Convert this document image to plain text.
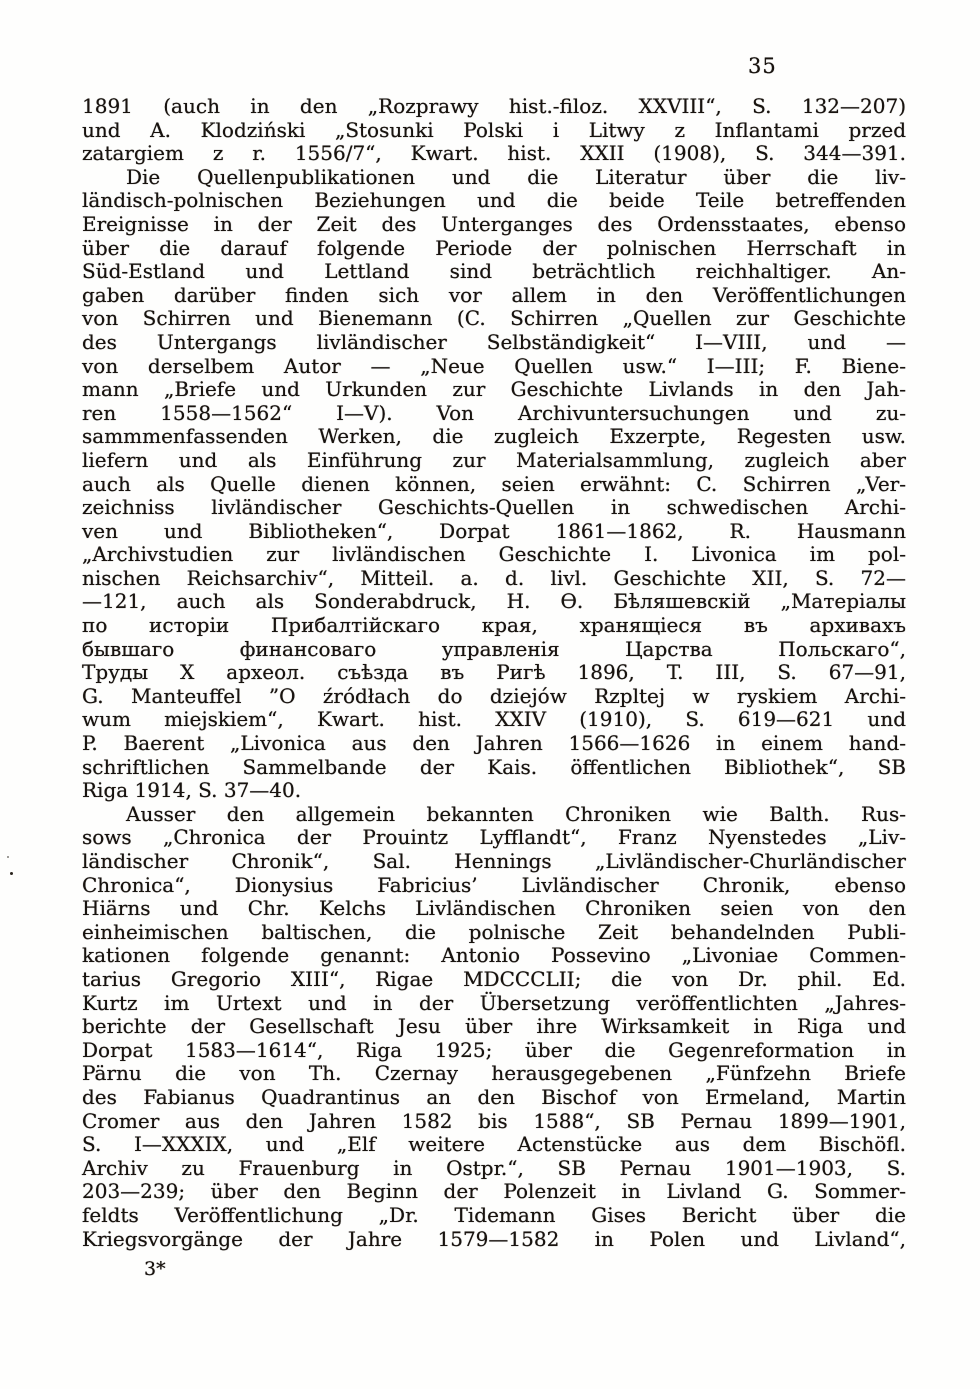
35
1891 (auch in den „Rozprawy hist.-filoz. XXVIII“, S. 132—207)
und A. Klodziński „Stosunki Polski i Litwy z Inflantami przed
zatargiem z r. 1556/7“, Kwart. hist. XXII (1908), S. 344—391.
Die Quellenpublikationen und die Literatur über die liv-
ländisch-polnischen Beziehungen und die beide Teile betreffenden
Ereignisse in der Zeit des Unterganges des Ordensstaates, ebenso
über die darauf folgende Periode der polnischen Herrschaft in
Süd-Estland und Lettland sind beträchtlich reichhaltiger. An-
gaben darüber finden sich vor allem in den Veröffentlichungen
von Schirren und Bienemann (C. Schirren „Quellen zur Geschichte
des Untergangs livländischer Selbständigkeit“ I—VIII, und —
von derselbem Autor — „Neue Quellen usw.“ I—III; F. Biene-
mann „Briefe und Urkunden zur Geschichte Livlands in den Jah-
ren 1558—1562“ I—V). Von Archivuntersuchungen und zu-
sammmenfassenden Werken, die zugleich Exzerpte, Regesten usw.
liefern und als Einführung zur Materialsammlung, zugleich aber
auch als Quelle dienen können, seien erwähnt: C. Schirren „Ver-
zeichniss livländischer Geschichts-Quellen in schwedischen Archi-
ven und Bibliotheken“, Dorpat 1861—1862, R. Hausmann
„Archivstudien zur livländischen Geschichte I. Livonica im pol-
nischen Reichsarchiv“, Mitteil. a. d. livl. Geschichte XII, S. 72—
—121, auch als Sonderabdruck, Н. Ѳ. Бѣляшевскій „Матеріалы
по исторіи Прибалтійскаго края, хранящіеся въ архивахъ
бывшаго финансоваго управленія Царства Польскаго“,
Труды X археол. съѣзда въ Ригѣ 1896, T. III, S. 67—91,
G. Manteuffel ”O źródłach do dziejów Rzpltej w ryskiem Archi-
wum miejskiem“, Kwart. hist. XXIV (1910), S. 619—621 und
P. Baerent „Livonica aus den Jahren 1566—1626 in einem hand-
schriftlichen Sammelbande der Kais. öffentlichen Bibliothek“, SB
Riga 1914, S. 37—40.
Ausser den allgemein bekannten Chroniken wie Balth. Rus-
sows „Chronica der Prouintz Lyfflandt“, Franz Nyenstedes „Liv-
ländischer Chronik“, Sal. Hennings „Livländischer-Churländischer
Chronica“, Dionysius Fabricius’ Livländischer Chronik, ebenso
Hiärns und Chr. Kelchs Livländischen Chroniken seien von den
einheimischen baltischen, die polnische Zeit behandelnden Publi-
kationen folgende genannt: Antonio Possevino „Livoniae Commen-
tarius Gregorio XIII“, Rigae MDCCCLII; die von Dr. phil. Ed.
Kurtz im Urtext und in der Übersetzung veröffentlichten „Jahres-
berichte der Gesellschaft Jesu über ihre Wirksamkeit in Riga und
Dorpat 1583—1614“, Riga 1925; über die Gegenreformation in
Pärnu die von Th. Czernay herausgegebenen „Fünfzehn Briefe
des Fabianus Quadrantinus an den Bischof von Ermeland, Martin
Cromer aus den Jahren 1582 bis 1588“, SB Pernau 1899—1901,
S. I—XXXIX, und „Elf weitere Actenstücke aus dem Bischöfl.
Archiv zu Frauenburg in Ostpr.“, SB Pernau 1901—1903, S.
203—239; über den Beginn der Polenzeit in Livland G. Sommer-
feldts Veröffentlichung „Dr. Tidemann Gises Bericht über die
Kriegsvorgänge der Jahre 1579—1582 in Polen und Livland“,
3*
